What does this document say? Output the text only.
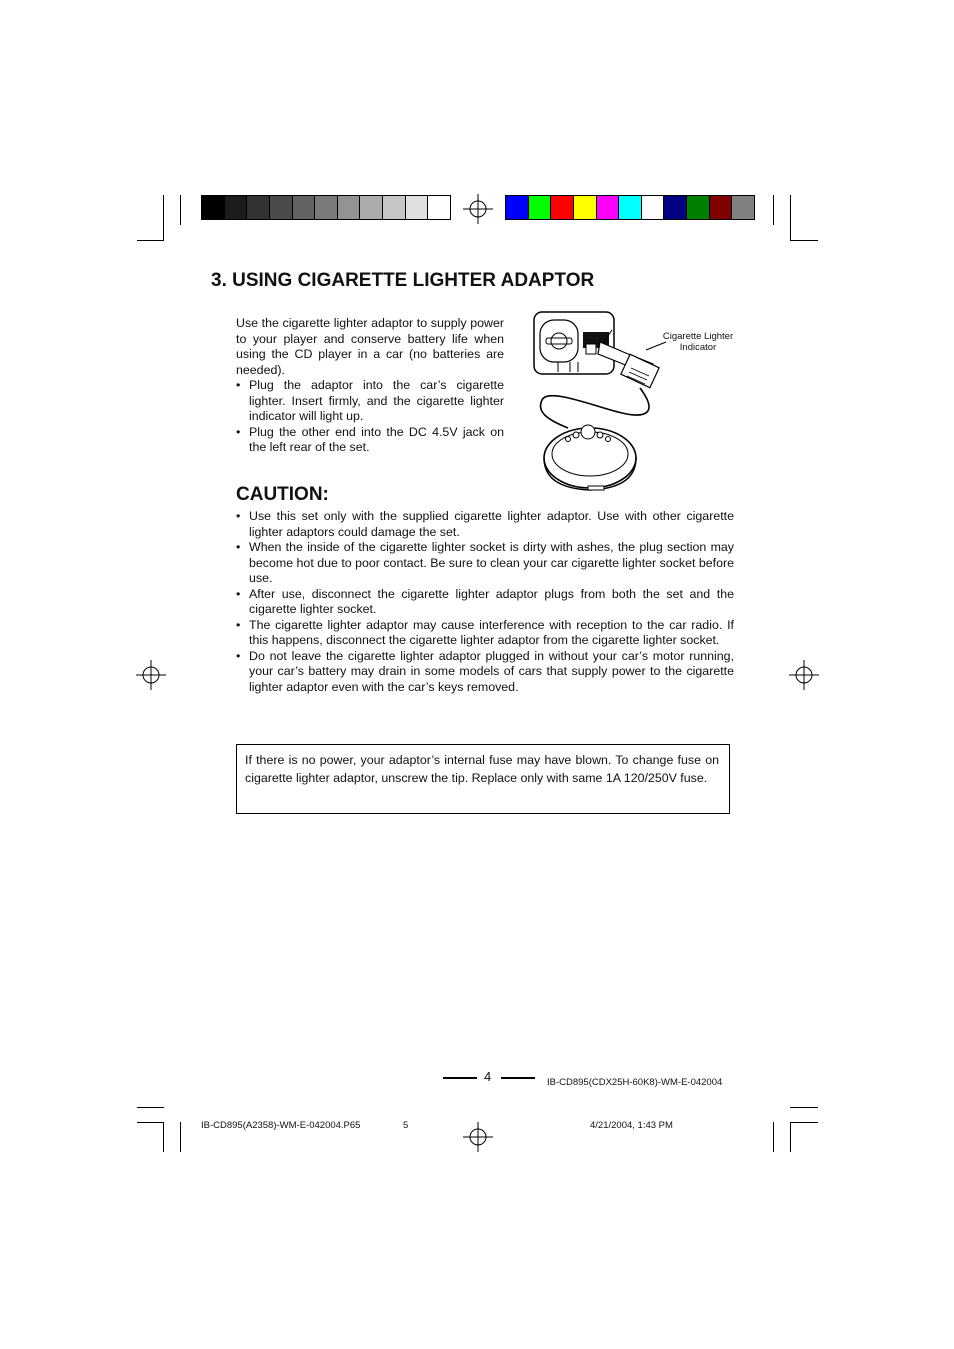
3. USING CIGARETTE LIGHTER ADAPTOR

Use the cigarette lighter adaptor to supply power to your player and conserve battery life when using the CD player in a car (no batteries are needed).

• Plug the adaptor into the car’s cigarette lighter. Insert firmly, and the cigarette lighter indicator will light up.
• Plug the other end into the DC 4.5V jack on the left rear of the set.
Cigarette Lighter
Indicator
CAUTION:
• Use this set only with the supplied cigarette lighter adaptor. Use with other cigarette lighter adaptors could damage the set.
• When the inside of the cigarette lighter socket is dirty with ashes, the plug section may become hot due to poor contact. Be sure to clean your car cigarette lighter socket before use.
• After use, disconnect the cigarette lighter adaptor plugs from both the set and the cigarette lighter socket.
• The cigarette lighter adaptor may cause interference with reception to the car radio. If this happens, disconnect the cigarette lighter adaptor from the cigarette lighter socket.
• Do not leave the cigarette lighter adaptor plugged in without your car’s motor running, your car’s battery may drain in some models of cars that supply power to the cigarette lighter adaptor even with the car’s keys removed.
If there is no power, your adaptor’s internal fuse may have blown. To change fuse on cigarette lighter adaptor, unscrew the tip. Replace only with same 1A 120/250V fuse.
4	IB-CD895(CDX25H-60K8)-WM-E-042004
IB-CD895(A2358)-WM-E-042004.P65	5	4/21/2004, 1:43 PM
